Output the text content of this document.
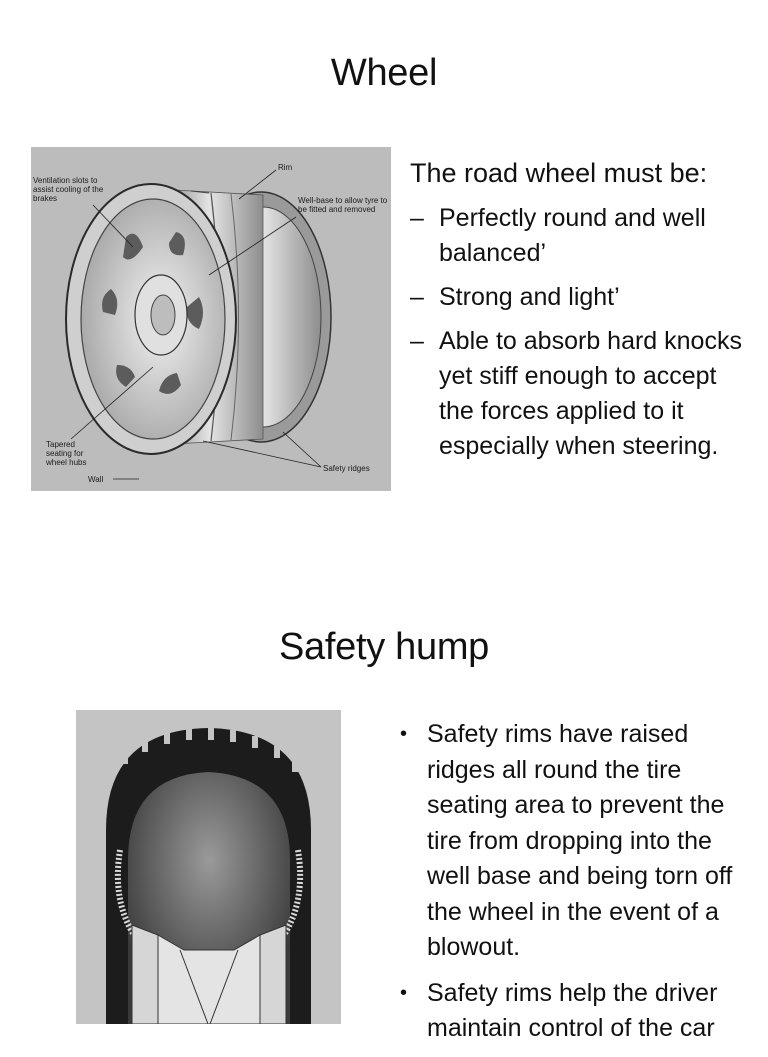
Wheel
Ventilation slots to assist cooling of the brakes
Rim
Well-base to allow tyre to be fitted and removed
Tapered seating for wheel hubs
Wall
Safety ridges
The road wheel must be:
– Perfectly round and well balanced’
– Strong and light’
– Able to absorb hard knocks yet stiff enough to accept the forces applied to it especially when steering.
Safety hump
• Safety rims have raised ridges all round the tire seating area to prevent the tire from dropping into the well base and being torn off the wheel in the event of a blowout.
• Safety rims help the driver maintain control of the car
